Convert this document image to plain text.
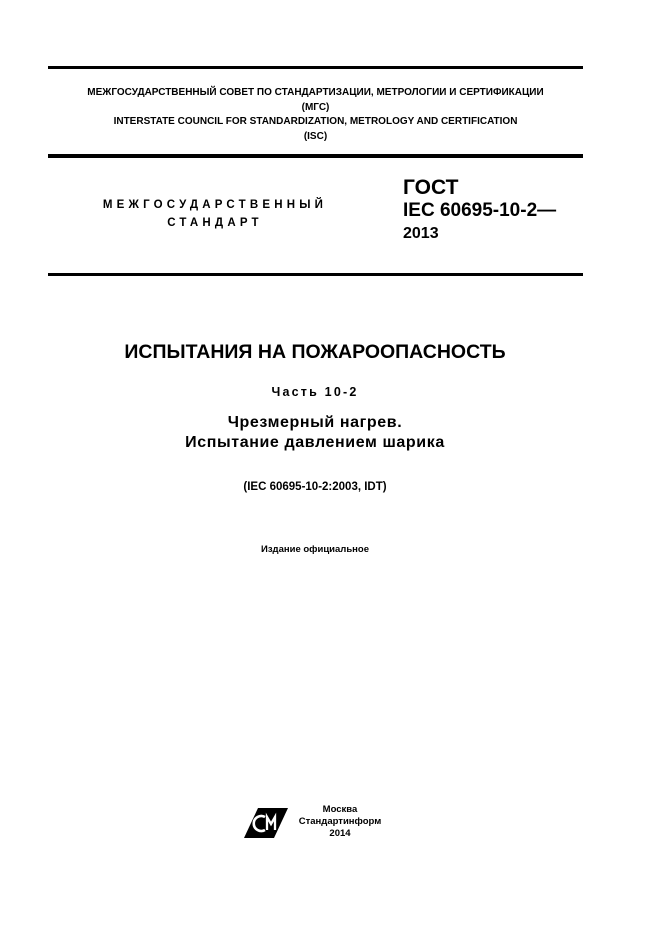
МЕЖГОСУДАРСТВЕННЫЙ СОВЕТ ПО СТАНДАРТИЗАЦИИ, МЕТРОЛОГИИ И СЕРТИФИКАЦИИ
(МГС)
INTERSTATE COUNCIL FOR STANDARDIZATION, METROLOGY AND CERTIFICATION
(ISC)
МЕЖГОСУДАРСТВЕННЫЙ
СТАНДАРТ
ГОСТ
IEC 60695-10-2—
2013
ИСПЫТАНИЯ НА ПОЖАРООПАСНОСТЬ
Часть 10-2
Чрезмерный нагрев.
Испытание давлением шарика
(IEC 60695-10-2:2003, IDT)
Издание официальное
Москва
Стандартинформ
2014
